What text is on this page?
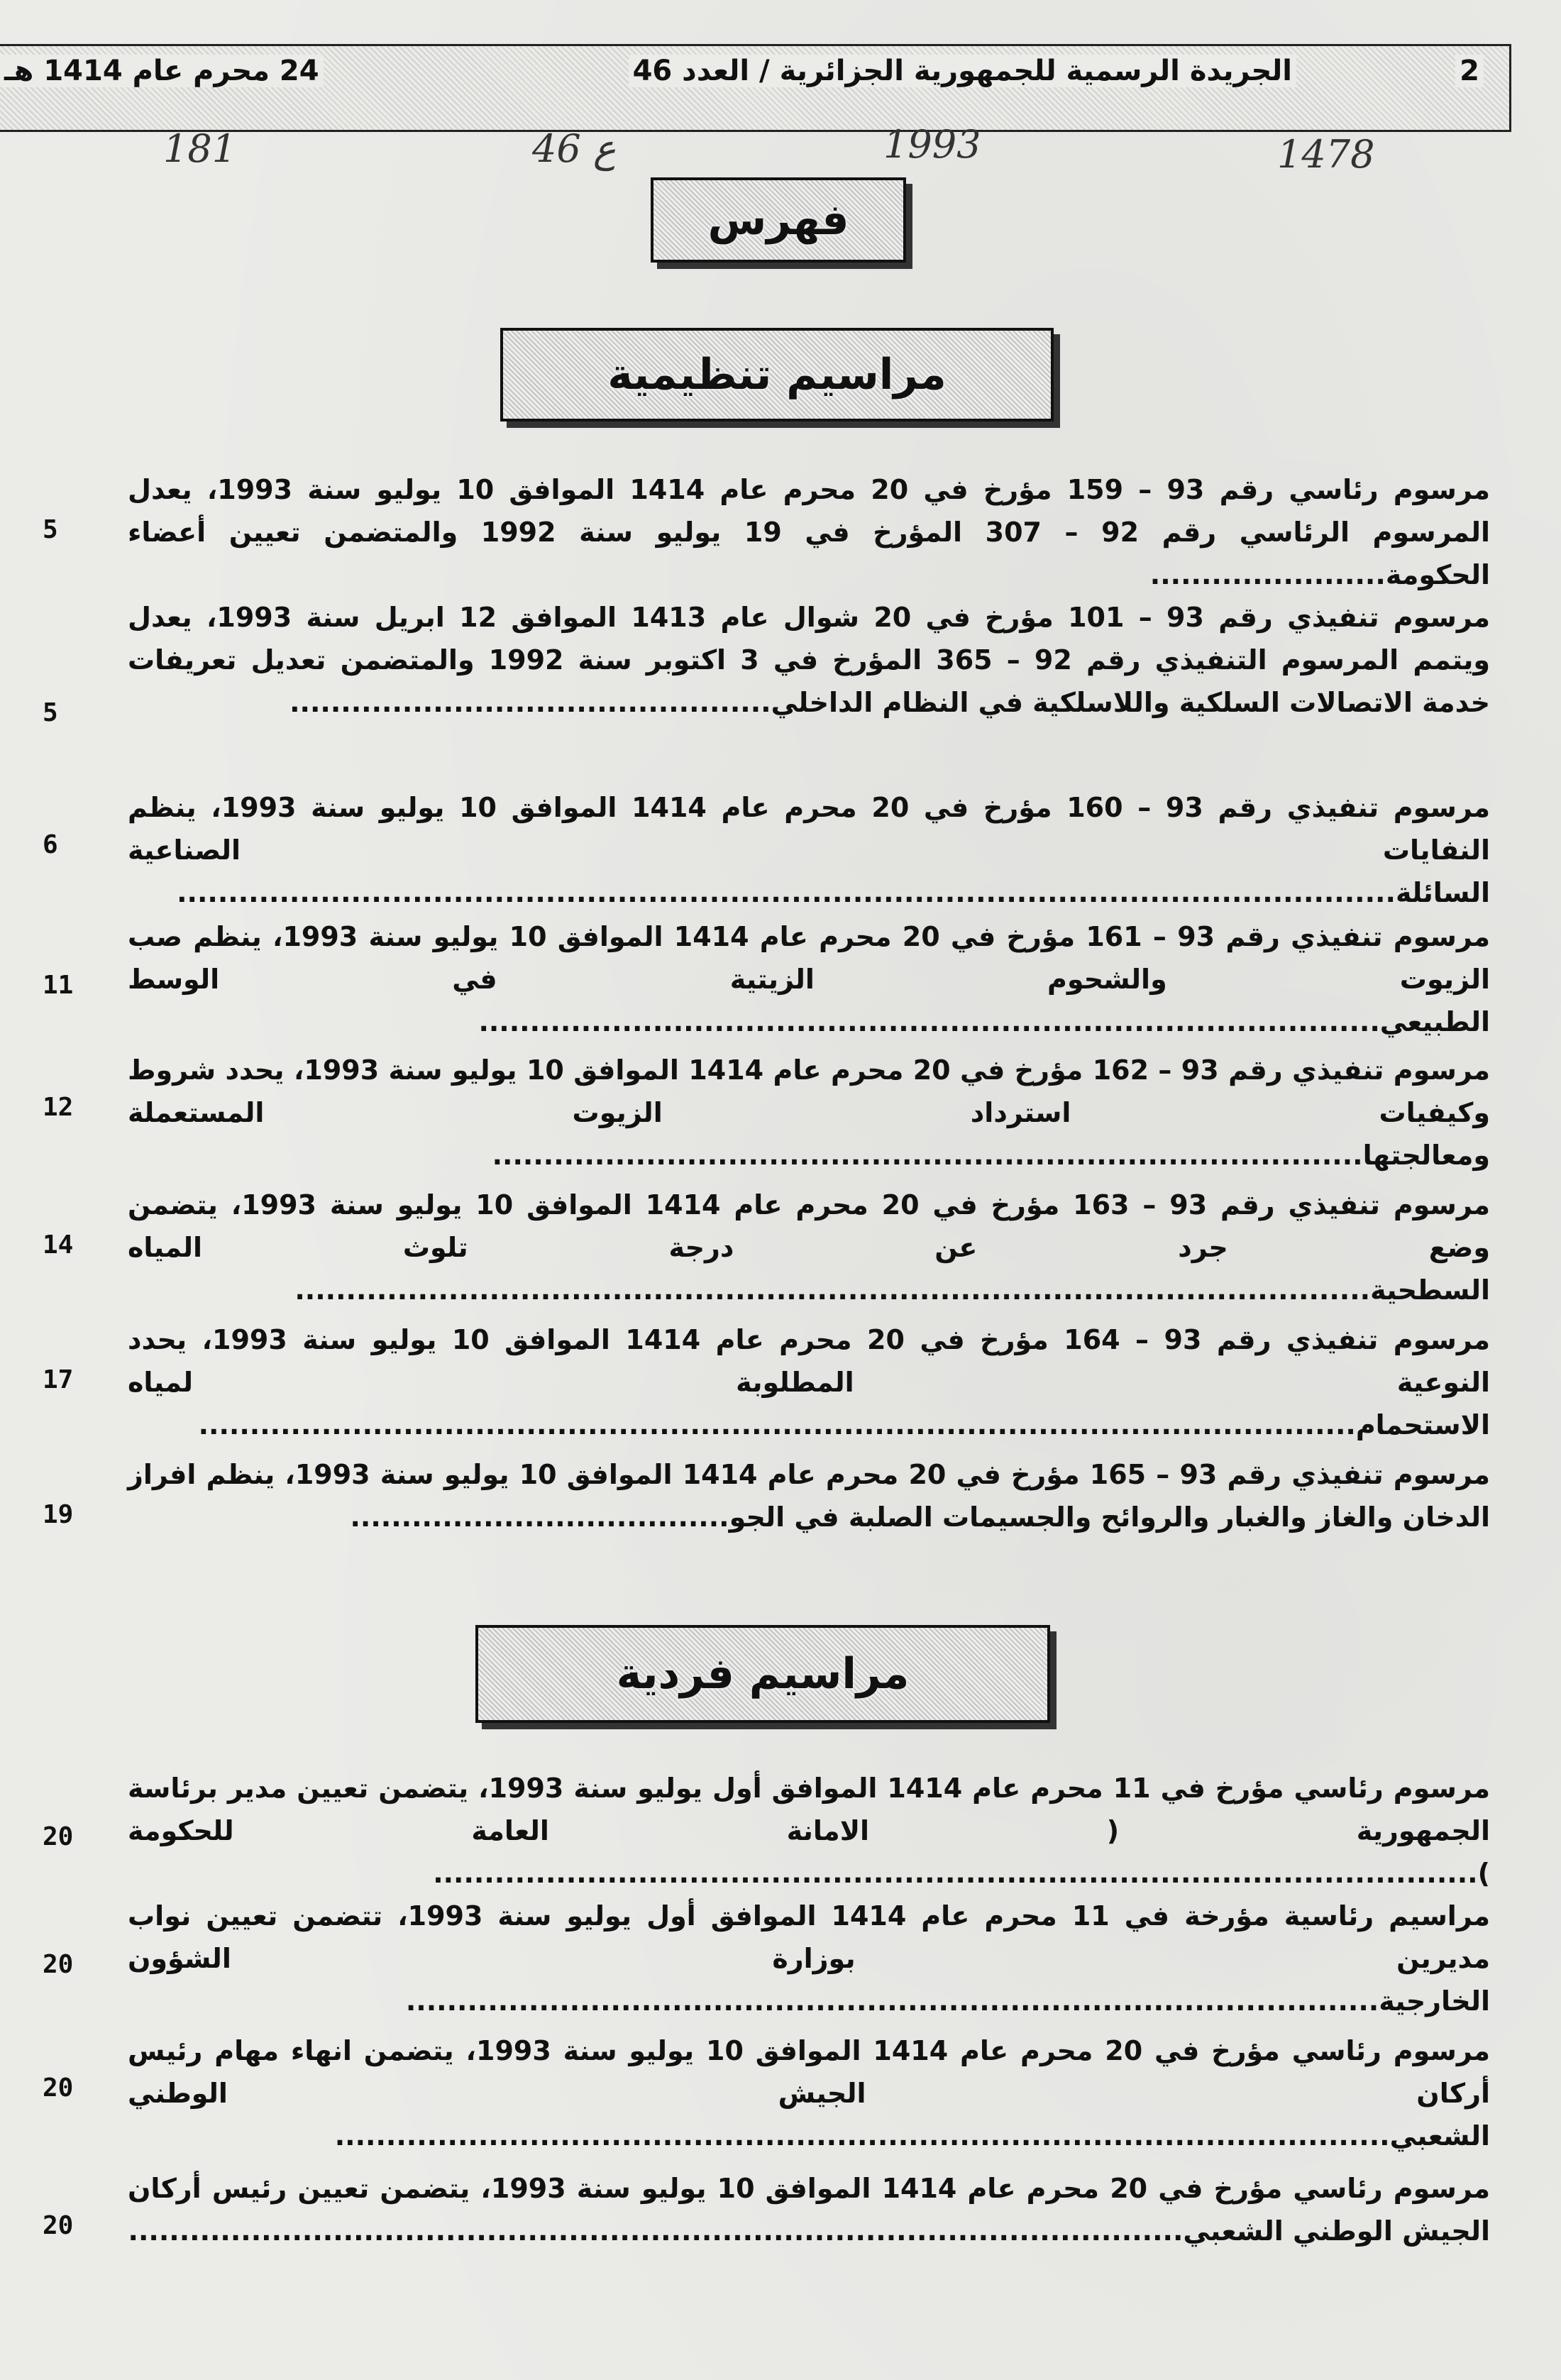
2
الجريدة الرسمية للجمهورية الجزائرية / العدد 46
24 محرم عام 1414 هـ
181	46 ع	1993	1478
فهرس
مراسيم تنظيمية
مراسيم فردية
مرسوم رئاسي رقم 93 – 159 مؤرخ في 20 محرم عام 1414 الموافق 10 يوليو سنة 1993، يعدل المرسوم الرئاسي رقم 92 – 307 المؤرخ في 19 يوليو سنة 1992 والمتضمن تعيين أعضاء الحكومة.......................
5
مرسوم تنفيذي رقم 93 – 101 مؤرخ في 20 شوال عام 1413 الموافق 12 ابريل سنة 1993، يعدل ويتمم المرسوم التنفيذي رقم 92 – 365 المؤرخ في 3 اكتوبر سنة 1992 والمتضمن تعديل تعريفات خدمة الاتصالات السلكية واللاسلكية في النظام الداخلي...............................................
5
مرسوم تنفيذي رقم 93 – 160 مؤرخ في 20 محرم عام 1414 الموافق 10 يوليو سنة 1993، ينظم النفايات الصناعية السائلة.......................................................................................................................
6
مرسوم تنفيذي رقم 93 – 161 مؤرخ في 20 محرم عام 1414 الموافق 10 يوليو سنة 1993، ينظم صب الزيوت والشحوم الزيتية في الوسط الطبيعي........................................................................................
11
مرسوم تنفيذي رقم 93 – 162 مؤرخ في 20 محرم عام 1414 الموافق 10 يوليو سنة 1993، يحدد شروط وكيفيات استرداد الزيوت المستعملة ومعالجتها.....................................................................................
12
مرسوم تنفيذي رقم 93 – 163 مؤرخ في 20 محرم عام 1414 الموافق 10 يوليو سنة 1993، يتضمن وضع جرد عن درجة تلوث المياه السطحية.........................................................................................................
14
مرسوم تنفيذي رقم 93 – 164 مؤرخ في 20 محرم عام 1414 الموافق 10 يوليو سنة 1993، يحدد النوعية المطلوبة لمياه الاستحمام.................................................................................................................
17
مرسوم تنفيذي رقم 93 – 165 مؤرخ في 20 محرم عام 1414 الموافق 10 يوليو سنة 1993، ينظم افراز الدخان والغاز والغبار والروائح والجسيمات الصلبة في الجو.....................................
19
مرسوم رئاسي مؤرخ في 11 محرم عام 1414 الموافق أول يوليو سنة 1993، يتضمن تعيين مدير برئاسة الجمهورية ( الامانة العامة للحكومة )......................................................................................................
20
مراسيم رئاسية مؤرخة في 11 محرم عام 1414 الموافق أول يوليو سنة 1993، تتضمن تعيين نواب مديرين بوزارة الشؤون الخارجية...............................................................................................
20
مرسوم رئاسي مؤرخ في 20 محرم عام 1414 الموافق 10 يوليو سنة 1993، يتضمن انهاء مهام رئيس أركان الجيش الوطني الشعبي.......................................................................................................
20
مرسوم رئاسي مؤرخ في 20 محرم عام 1414 الموافق 10 يوليو سنة 1993، يتضمن تعيين رئيس أركان الجيش الوطني الشعبي.......................................................................................................
20
